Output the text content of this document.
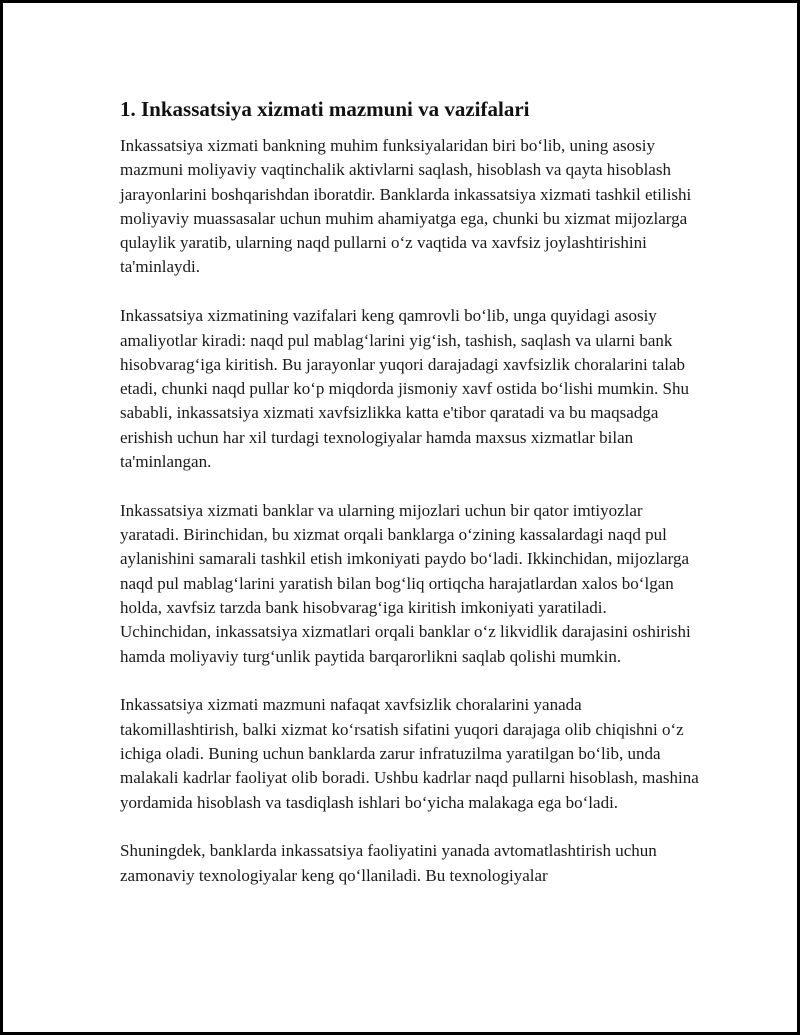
1. Inkassatsiya xizmati mazmuni va vazifalari

Inkassatsiya xizmati bankning muhim funksiyalaridan biri bo‘lib, uning asosiy mazmuni moliyaviy vaqtinchalik aktivlarni saqlash, hisoblash va qayta hisoblash jarayonlarini boshqarishdan iboratdir. Banklarda inkassatsiya xizmati tashkil etilishi moliyaviy muassasalar uchun muhim ahamiyatga ega, chunki bu xizmat mijozlarga qulaylik yaratib, ularning naqd pullarni o‘z vaqtida va xavfsiz joylashtirishini ta'minlaydi.

Inkassatsiya xizmatining vazifalari keng qamrovli bo‘lib, unga quyidagi asosiy amaliyotlar kiradi: naqd pul mablag‘larini yig‘ish, tashish, saqlash va ularni bank hisobvarag‘iga kiritish. Bu jarayonlar yuqori darajadagi xavfsizlik choralarini talab etadi, chunki naqd pullar ko‘p miqdorda jismoniy xavf ostida bo‘lishi mumkin. Shu sababli, inkassatsiya xizmati xavfsizlikka katta e'tibor qaratadi va bu maqsadga erishish uchun har xil turdagi texnologiyalar hamda maxsus xizmatlar bilan ta'minlangan.

Inkassatsiya xizmati banklar va ularning mijozlari uchun bir qator imtiyozlar yaratadi. Birinchidan, bu xizmat orqali banklarga o‘zining kassalardagi naqd pul aylanishini samarali tashkil etish imkoniyati paydo bo‘ladi. Ikkinchidan, mijozlarga naqd pul mablag‘larini yaratish bilan bog‘liq ortiqcha harajatlardan xalos bo‘lgan holda, xavfsiz tarzda bank hisobvarag‘iga kiritish imkoniyati yaratiladi. Uchinchidan, inkassatsiya xizmatlari orqali banklar o‘z likvidlik darajasini oshirishi hamda moliyaviy turg‘unlik paytida barqarorlikni saqlab qolishi mumkin.

Inkassatsiya xizmati mazmuni nafaqat xavfsizlik choralarini yanada takomillashtirish, balki xizmat ko‘rsatish sifatini yuqori darajaga olib chiqishni o‘z ichiga oladi. Buning uchun banklarda zarur infratuzilma yaratilgan bo‘lib, unda malakali kadrlar faoliyat olib boradi. Ushbu kadrlar naqd pullarni hisoblash, mashina yordamida hisoblash va tasdiqlash ishlari bo‘yicha malakaga ega bo‘ladi.

Shuningdek, banklarda inkassatsiya faoliyatini yanada avtomatlashtirish uchun zamonaviy texnologiyalar keng qo‘llaniladi. Bu texnologiyalar
